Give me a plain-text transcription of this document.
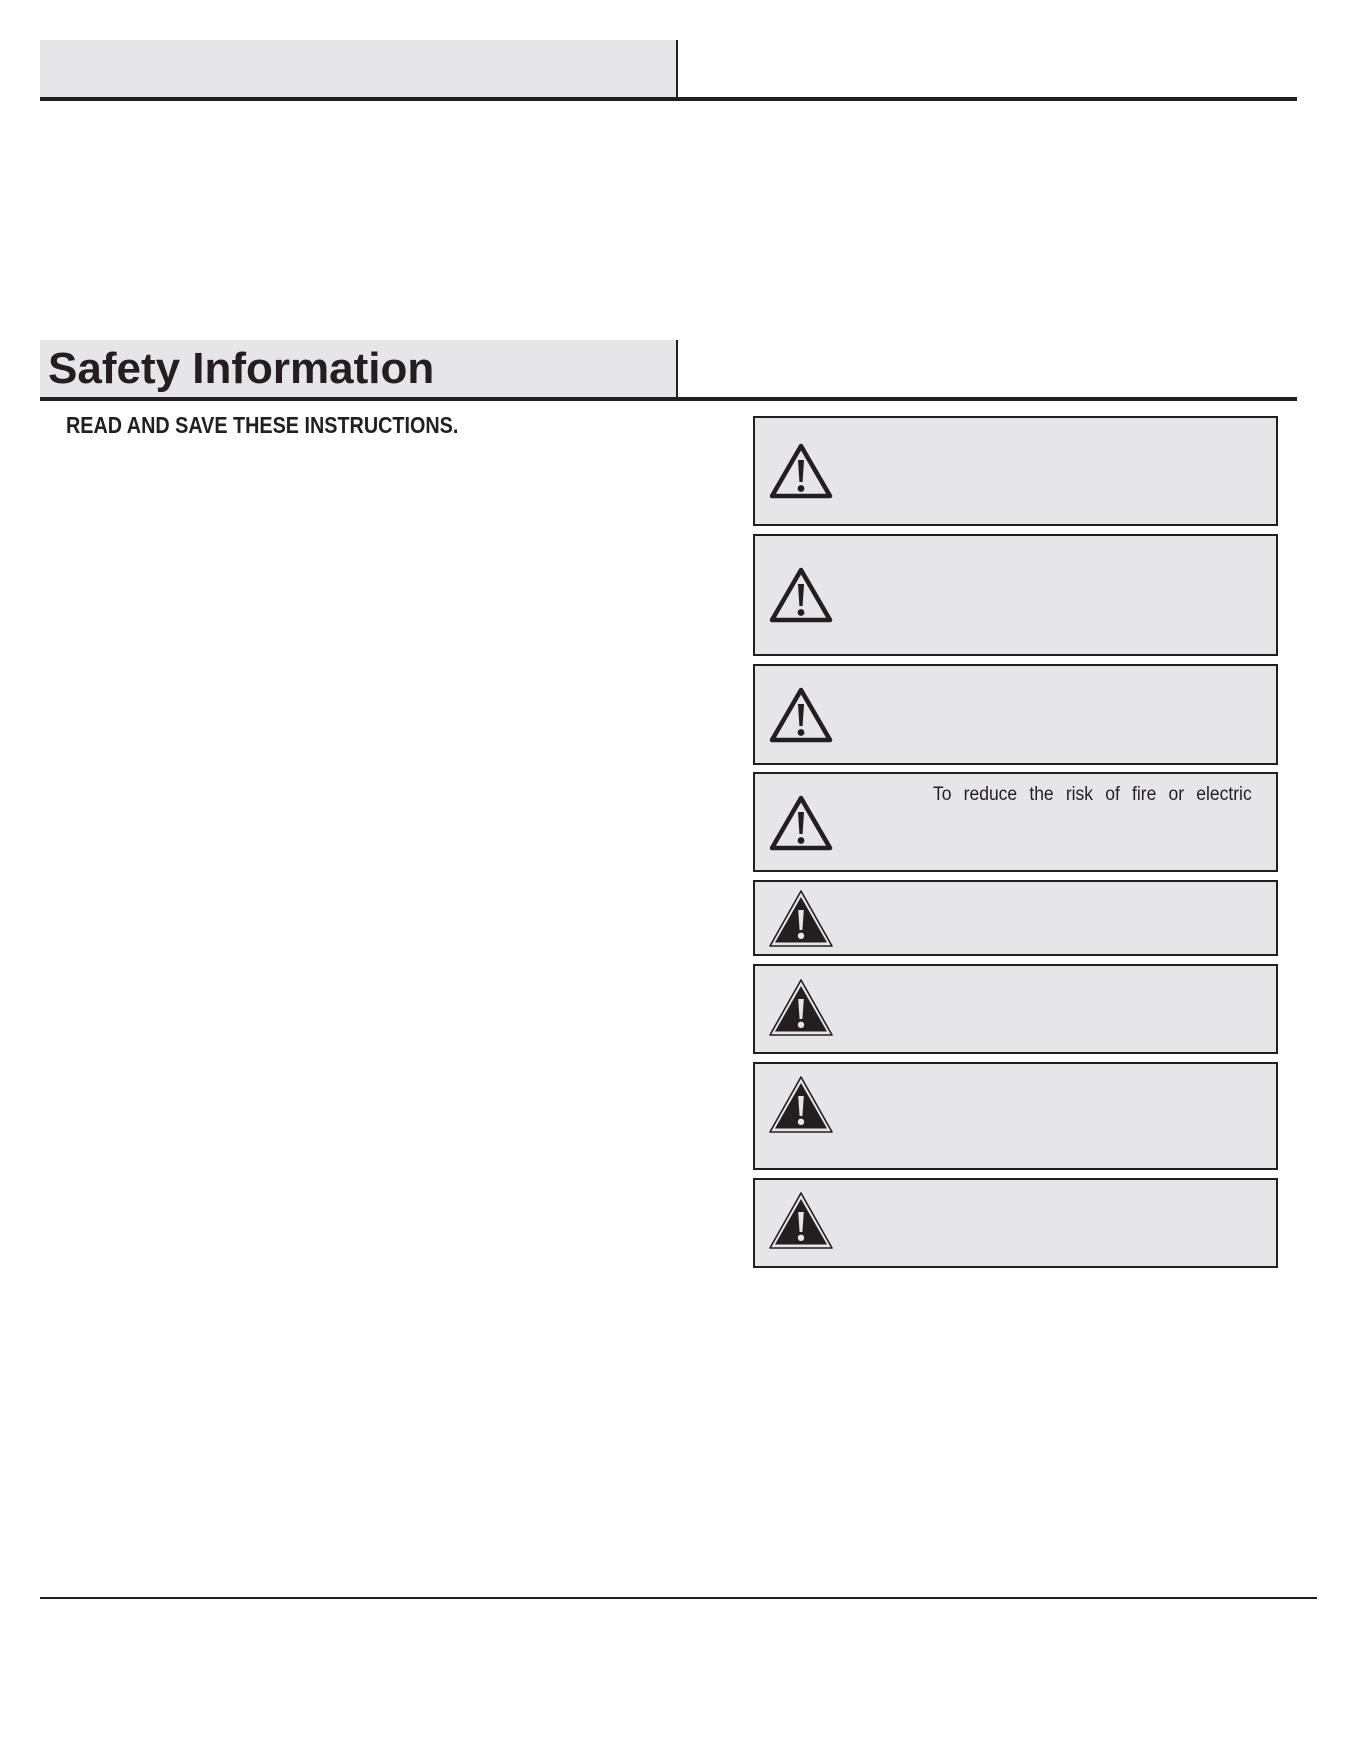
Safety Information
READ AND SAVE THESE INSTRUCTIONS.
To reduce the risk of fire or electric
